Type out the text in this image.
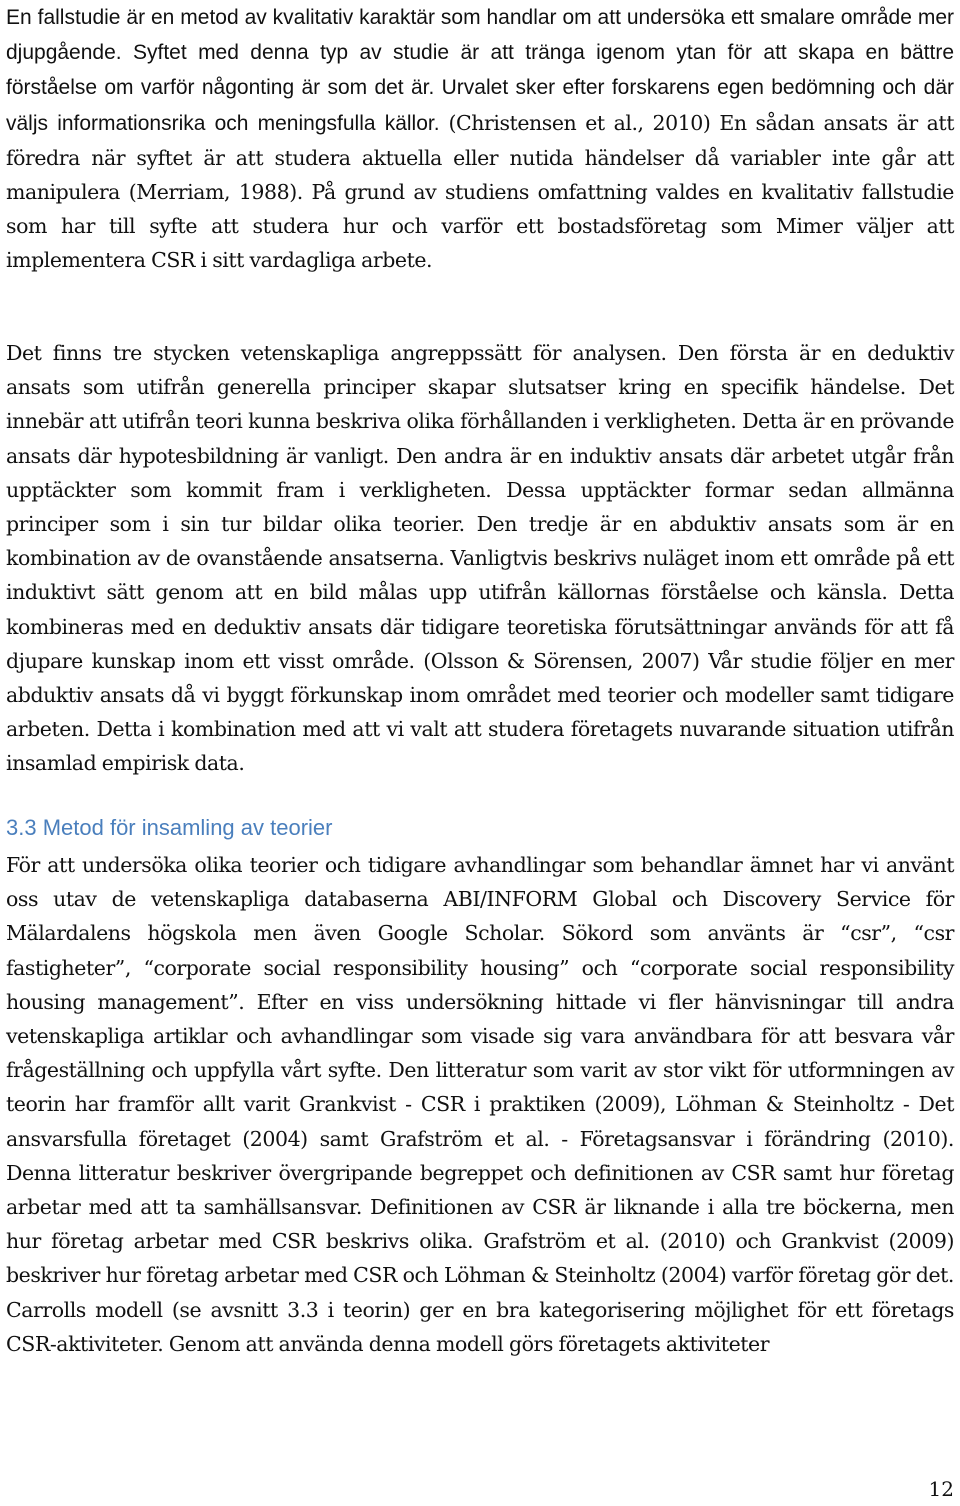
En fallstudie är en metod av kvalitativ karaktär som handlar om att undersöka ett smalare område mer djupgående. Syftet med denna typ av studie är att tränga igenom ytan för att skapa en bättre förståelse om varför någonting är som det är. Urvalet sker efter forskarens egen bedömning och där väljs informationsrika och meningsfulla källor. (Christensen et al., 2010) En sådan ansats är att föredra när syftet är att studera aktuella eller nutida händelser då variabler inte går att manipulera (Merriam, 1988). På grund av studiens omfattning valdes en kvalitativ fallstudie som har till syfte att studera hur och varför ett bostadsföretag som Mimer väljer att implementera CSR i sitt vardagliga arbete.

Det finns tre stycken vetenskapliga angreppssätt för analysen. Den första är en deduktiv ansats som utifrån generella principer skapar slutsatser kring en specifik händelse. Det innebär att utifrån teori kunna beskriva olika förhållanden i verkligheten. Detta är en prövande ansats där hypotesbildning är vanligt. Den andra är en induktiv ansats där arbetet utgår från upptäckter som kommit fram i verkligheten. Dessa upptäckter formar sedan allmänna principer som i sin tur bildar olika teorier. Den tredje är en abduktiv ansats som är en kombination av de ovanstående ansatserna. Vanligtvis beskrivs nuläget inom ett område på ett induktivt sätt genom att en bild målas upp utifrån källornas förståelse och känsla. Detta kombineras med en deduktiv ansats där tidigare teoretiska förutsättningar används för att få djupare kunskap inom ett visst område. (Olsson & Sörensen, 2007) Vår studie följer en mer abduktiv ansats då vi byggt förkunskap inom området med teorier och modeller samt tidigare arbeten. Detta i kombination med att vi valt att studera företagets nuvarande situation utifrån insamlad empirisk data.

3.3 Metod för insamling av teorier

För att undersöka olika teorier och tidigare avhandlingar som behandlar ämnet har vi använt oss utav de vetenskapliga databaserna ABI/INFORM Global och Discovery Service för Mälardalens högskola men även Google Scholar. Sökord som använts är “csr”, “csr fastigheter”, “corporate social responsibility housing” och “corporate social responsibility housing management”. Efter en viss undersökning hittade vi fler hänvisningar till andra vetenskapliga artiklar och avhandlingar som visade sig vara användbara för att besvara vår frågeställning och uppfylla vårt syfte. Den litteratur som varit av stor vikt för utformningen av teorin har framför allt varit Grankvist - CSR i praktiken (2009), Löhman & Steinholtz - Det ansvarsfulla företaget (2004) samt Grafström et al. - Företagsansvar i förändring (2010). Denna litteratur beskriver övergripande begreppet och definitionen av CSR samt hur företag arbetar med att ta samhällsansvar. Definitionen av CSR är liknande i alla tre böckerna, men hur företag arbetar med CSR beskrivs olika. Grafström et al. (2010) och Grankvist (2009) beskriver hur företag arbetar med CSR och Löhman & Steinholtz (2004) varför företag gör det. Carrolls modell (se avsnitt 3.3 i teorin) ger en bra kategorisering möjlighet för ett företags CSR-aktiviteter. Genom att använda denna modell görs företagets aktiviteter

12
